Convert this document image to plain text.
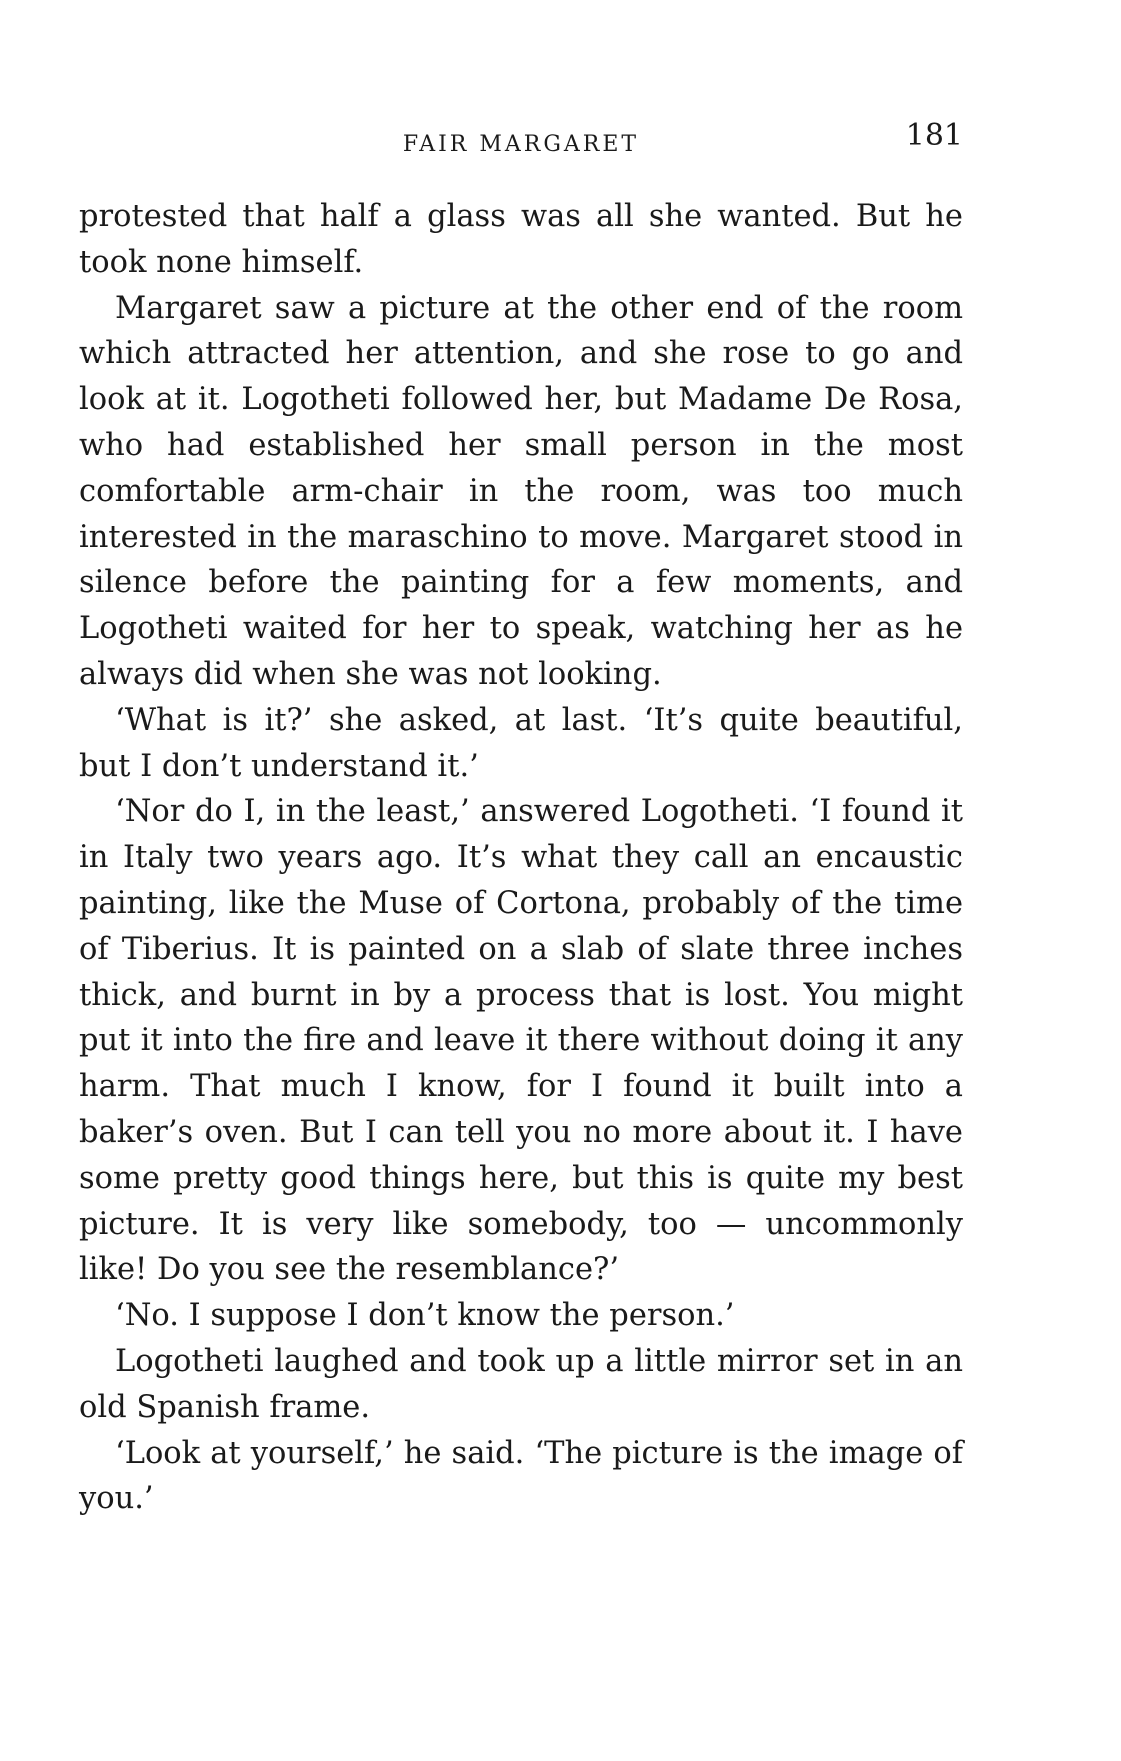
FAIR MARGARET	181

protested that half a glass was all she wanted. But he took none himself.

Margaret saw a picture at the other end of the room which attracted her attention, and she rose to go and look at it. Logotheti followed her, but Madame De Rosa, who had established her small person in the most comfortable arm-chair in the room, was too much interested in the maraschino to move. Margaret stood in silence before the painting for a few moments, and Logotheti waited for her to speak, watching her as he always did when she was not looking.

‘What is it?’ she asked, at last. ‘It’s quite beautiful, but I don’t understand it.’

‘Nor do I, in the least,’ answered Logotheti. ‘I found it in Italy two years ago. It’s what they call an encaustic painting, like the Muse of Cortona, probably of the time of Tiberius. It is painted on a slab of slate three inches thick, and burnt in by a process that is lost. You might put it into the fire and leave it there without doing it any harm. That much I know, for I found it built into a baker’s oven. But I can tell you no more about it. I have some pretty good things here, but this is quite my best picture. It is very like somebody, too — uncommonly like! Do you see the resemblance?’

‘No. I suppose I don’t know the person.’

Logotheti laughed and took up a little mirror set in an old Spanish frame.

‘Look at yourself,’ he said. ‘The picture is the image of you.’
